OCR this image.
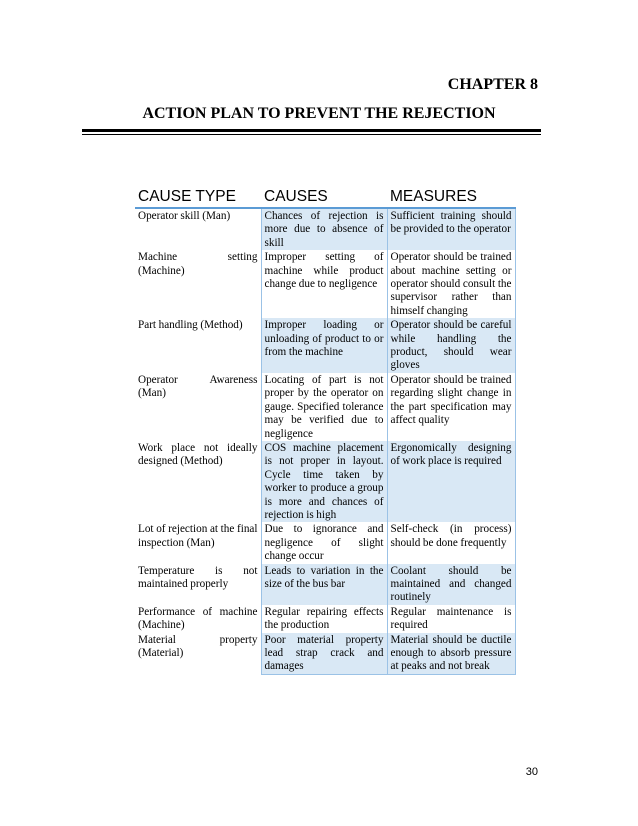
CHAPTER 8
ACTION PLAN TO PREVENT THE REJECTION
CAUSE TYPE	CAUSES	MEASURES
Operator skill (Man)	Chances of rejection is more due to absence of skill	Sufficient training should be provided to the operator
Machine setting (Machine)	Improper setting of machine while product change due to negligence	Operator should be trained about machine setting or operator should consult the supervisor rather than himself changing
Part handling (Method)	Improper loading or unloading of product to or from the machine	Operator should be careful while handling the product, should wear gloves
Operator Awareness (Man)	Locating of part is not proper by the operator on gauge. Specified tolerance may be verified due to negligence	Operator should be trained regarding slight change in the part specification may affect quality
Work place not ideally designed (Method)	COS machine placement is not proper in layout. Cycle time taken by worker to produce a group is more and chances of rejection is high	Ergonomically designing of work place is required
Lot of rejection at the final inspection (Man)	Due to ignorance and negligence of slight change occur	Self-check (in process) should be done frequently
Temperature is not maintained properly	Leads to variation in the size of the bus bar	Coolant should be maintained and changed routinely
Performance of machine (Machine)	Regular repairing effects the production	Regular maintenance is required
Material property (Material)	Poor material property lead strap crack and damages	Material should be ductile enough to absorb pressure at peaks and not break
30
